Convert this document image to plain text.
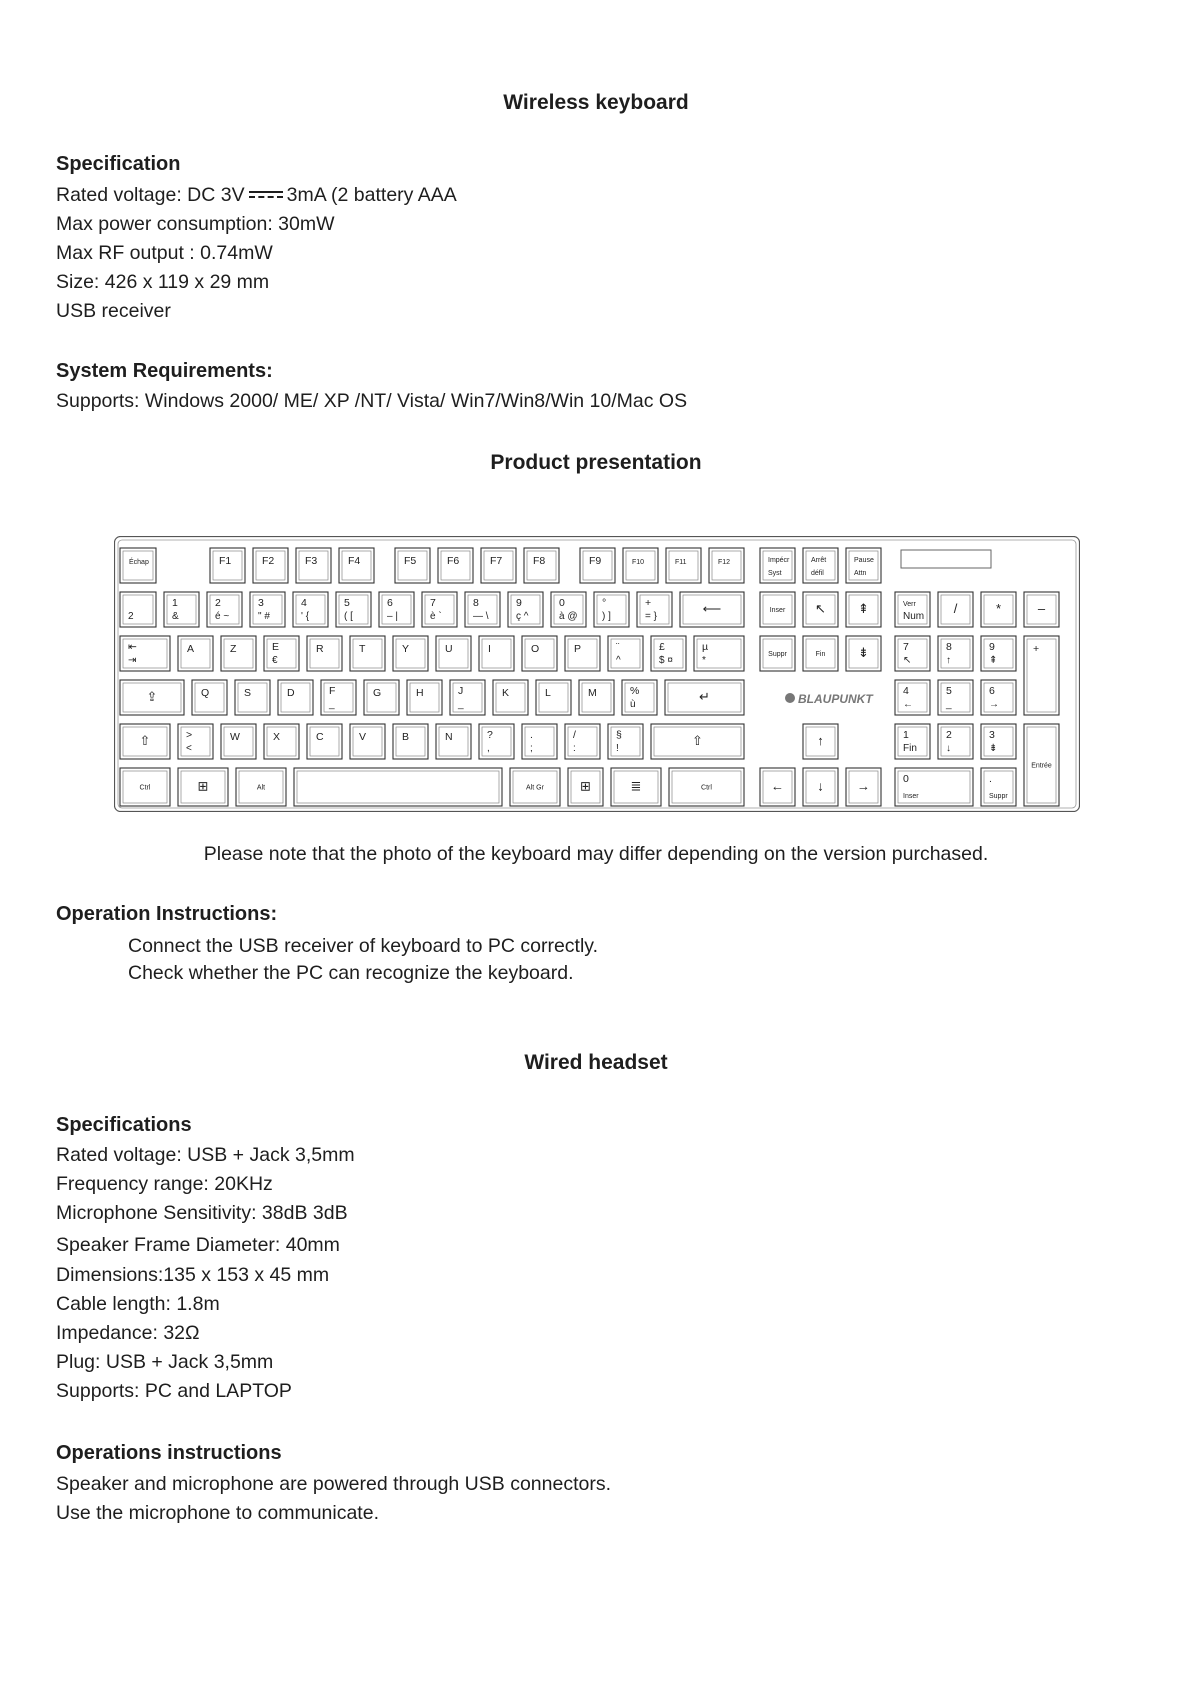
Wireless keyboard
Specification
Rated voltage: DC 3V 3mA (2 battery AAA
Max power consumption: 30mW
Max RF output : 0.74mW
Size: 426 x 119 x 29 mm
USB receiver
System Requirements:
Supports: Windows 2000/ ME/ XP /NT/ Vista/ Win7/Win8/Win 10/Mac OS
Product presentation
Échap	F1	F2	F3	F4	F5	F6	F7	F8	F9	F10	F11	F12	Impécr
Syst
Arrêt
défil
Pause
Attn
2
1
&
2
é ~
3
" #
4
' {
5
( [
6
– |
7
è `
8
— \
9
ç ^
0
à @
°
) ]
+
= }
⟵	Inser ↖ ⇞
⇤
⇥
A	Z	E
€
R	T	Y	U	I	O	P	¨
^
£
$ ¤
µ
*
Suppr	Fin	⇟
⇪	Q	S	D	F
_
G	H	J
_
K	L	M	%
ù
↵
⇧	>
<
W	X	C	V	B	N	?
,
.
;
/
:
§
!
⇧	↑
Ctrl	⊞	Alt	Alt Gr	⊞	≣	Ctrl	←	↓	→
Verr
Num
/	*	–
7
↖
8
↑
9
⇞
+
4
←
5
_
6
→
1
Fin
2
↓
3
⇟
Entrée
0
Inser
.
Suppr
BLAUPUNKT
Please note that the photo of the keyboard may differ depending on the version purchased.
Operation Instructions:
Connect the USB receiver of keyboard to PC correctly.
Check whether the PC can recognize the keyboard.
Wired headset
Specifications
Rated voltage: USB + Jack 3,5mm
Frequency range: 20KHz
Microphone Sensitivity: 38dB 3dB
Speaker Frame Diameter: 40mm
Dimensions:135 x 153 x 45 mm
Cable length: 1.8m
Impedance: 32Ω
Plug: USB + Jack 3,5mm
Supports: PC and LAPTOP
Operations instructions
Speaker and microphone are powered through USB connectors.
Use the microphone to communicate.
